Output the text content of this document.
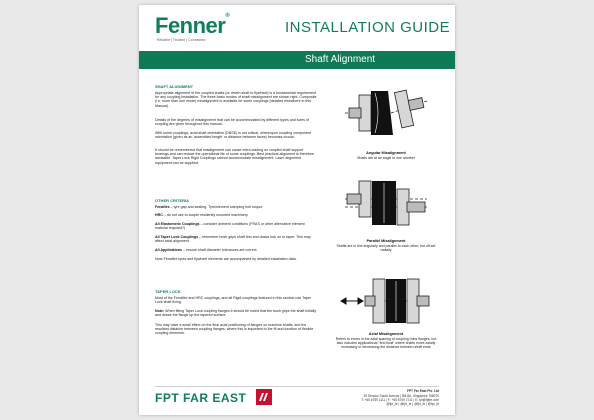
Fenner®
Reliable | Trusted | Connected
INSTALLATION GUIDE
Shaft Alignment
SHAFT ALIGNMENT
Appropriate alignment of the coupled shafts (or driven shaft to flywheel) is a fundamental requirement for any coupling installation. The three basic modes of shaft misalignment are shown right. Composite (i.e. more than one mode) misalignment is available for some couplings (detailed elsewhere in this Manual).
Details of the degrees of misalignment that can be accommodated by different types and sizes of coupling are given throughout this manual.
With some couplings, axial shaft orientation (DBSE) is not critical, whereupon coupling component orientation (given as an 'assembled length' or distance between faces) becomes crucial.
It should be remembered that misalignment can cause extra loading on coupled shaft support bearings and can reduce the operational life of some couplings. Best practical alignment is therefore advisable. Taper Lock Rigid Couplings cannot accommodate misalignment. Laser alignment equipment can be supplied.
OTHER CRITERIA
Fenaflex – tyre gap and seating. Tyre/element clamping bolt torque.
HRC – do not use to couple resiliently mounted machinery.
All Elastomeric Couplings – consider ambient conditions (FRAS or other alternative element material required?)
All Taper Lock Couplings – remember bush grips shaft first and draws hub on to taper. This may affect axial alignment.
All Applications – ensure shaft diameter tolerances are correct.
Note Fenaflex tyres and flywheel elements are accompanied by detailed installation data.
TAPER LOCK
Most of the Fenaflex and HRC couplings, and all Rigid couplings featured in this section use Taper Lock shaft fixing.
Note: When fitting Taper Lock coupling flanges it should be noted that the bush grips the shaft initially and draws the flange up the tapered surface.
This may have a small effect on the final axial positioning of flanges on machine shafts, and the resultant distance between coupling flanges, where this is important to the fit and function of flexible coupling elements.
Angular Misalignment
Shafts are at an angle to one another
Parallel Misalignment
Shafts are in line angularly and parallel to each other, but off-set radially
Axial Misalignment
Refers to errors in the axial spacing of coupling hubs flanges, but also includes applicational "end float" where shafts move axially increasing or decreasing the distance between shaft ends
FPT FAR EAST	FPT Far East Pte. Ltd
29 Senoko South Avenue | Blk 8A, Singapore 758070
T: +65 6759 1111 | F: +65 6769 7211 | E: fpt@fptfe.com
@fpt_fe | @fpt_fe | @fpt_fe | @fpt_fe
